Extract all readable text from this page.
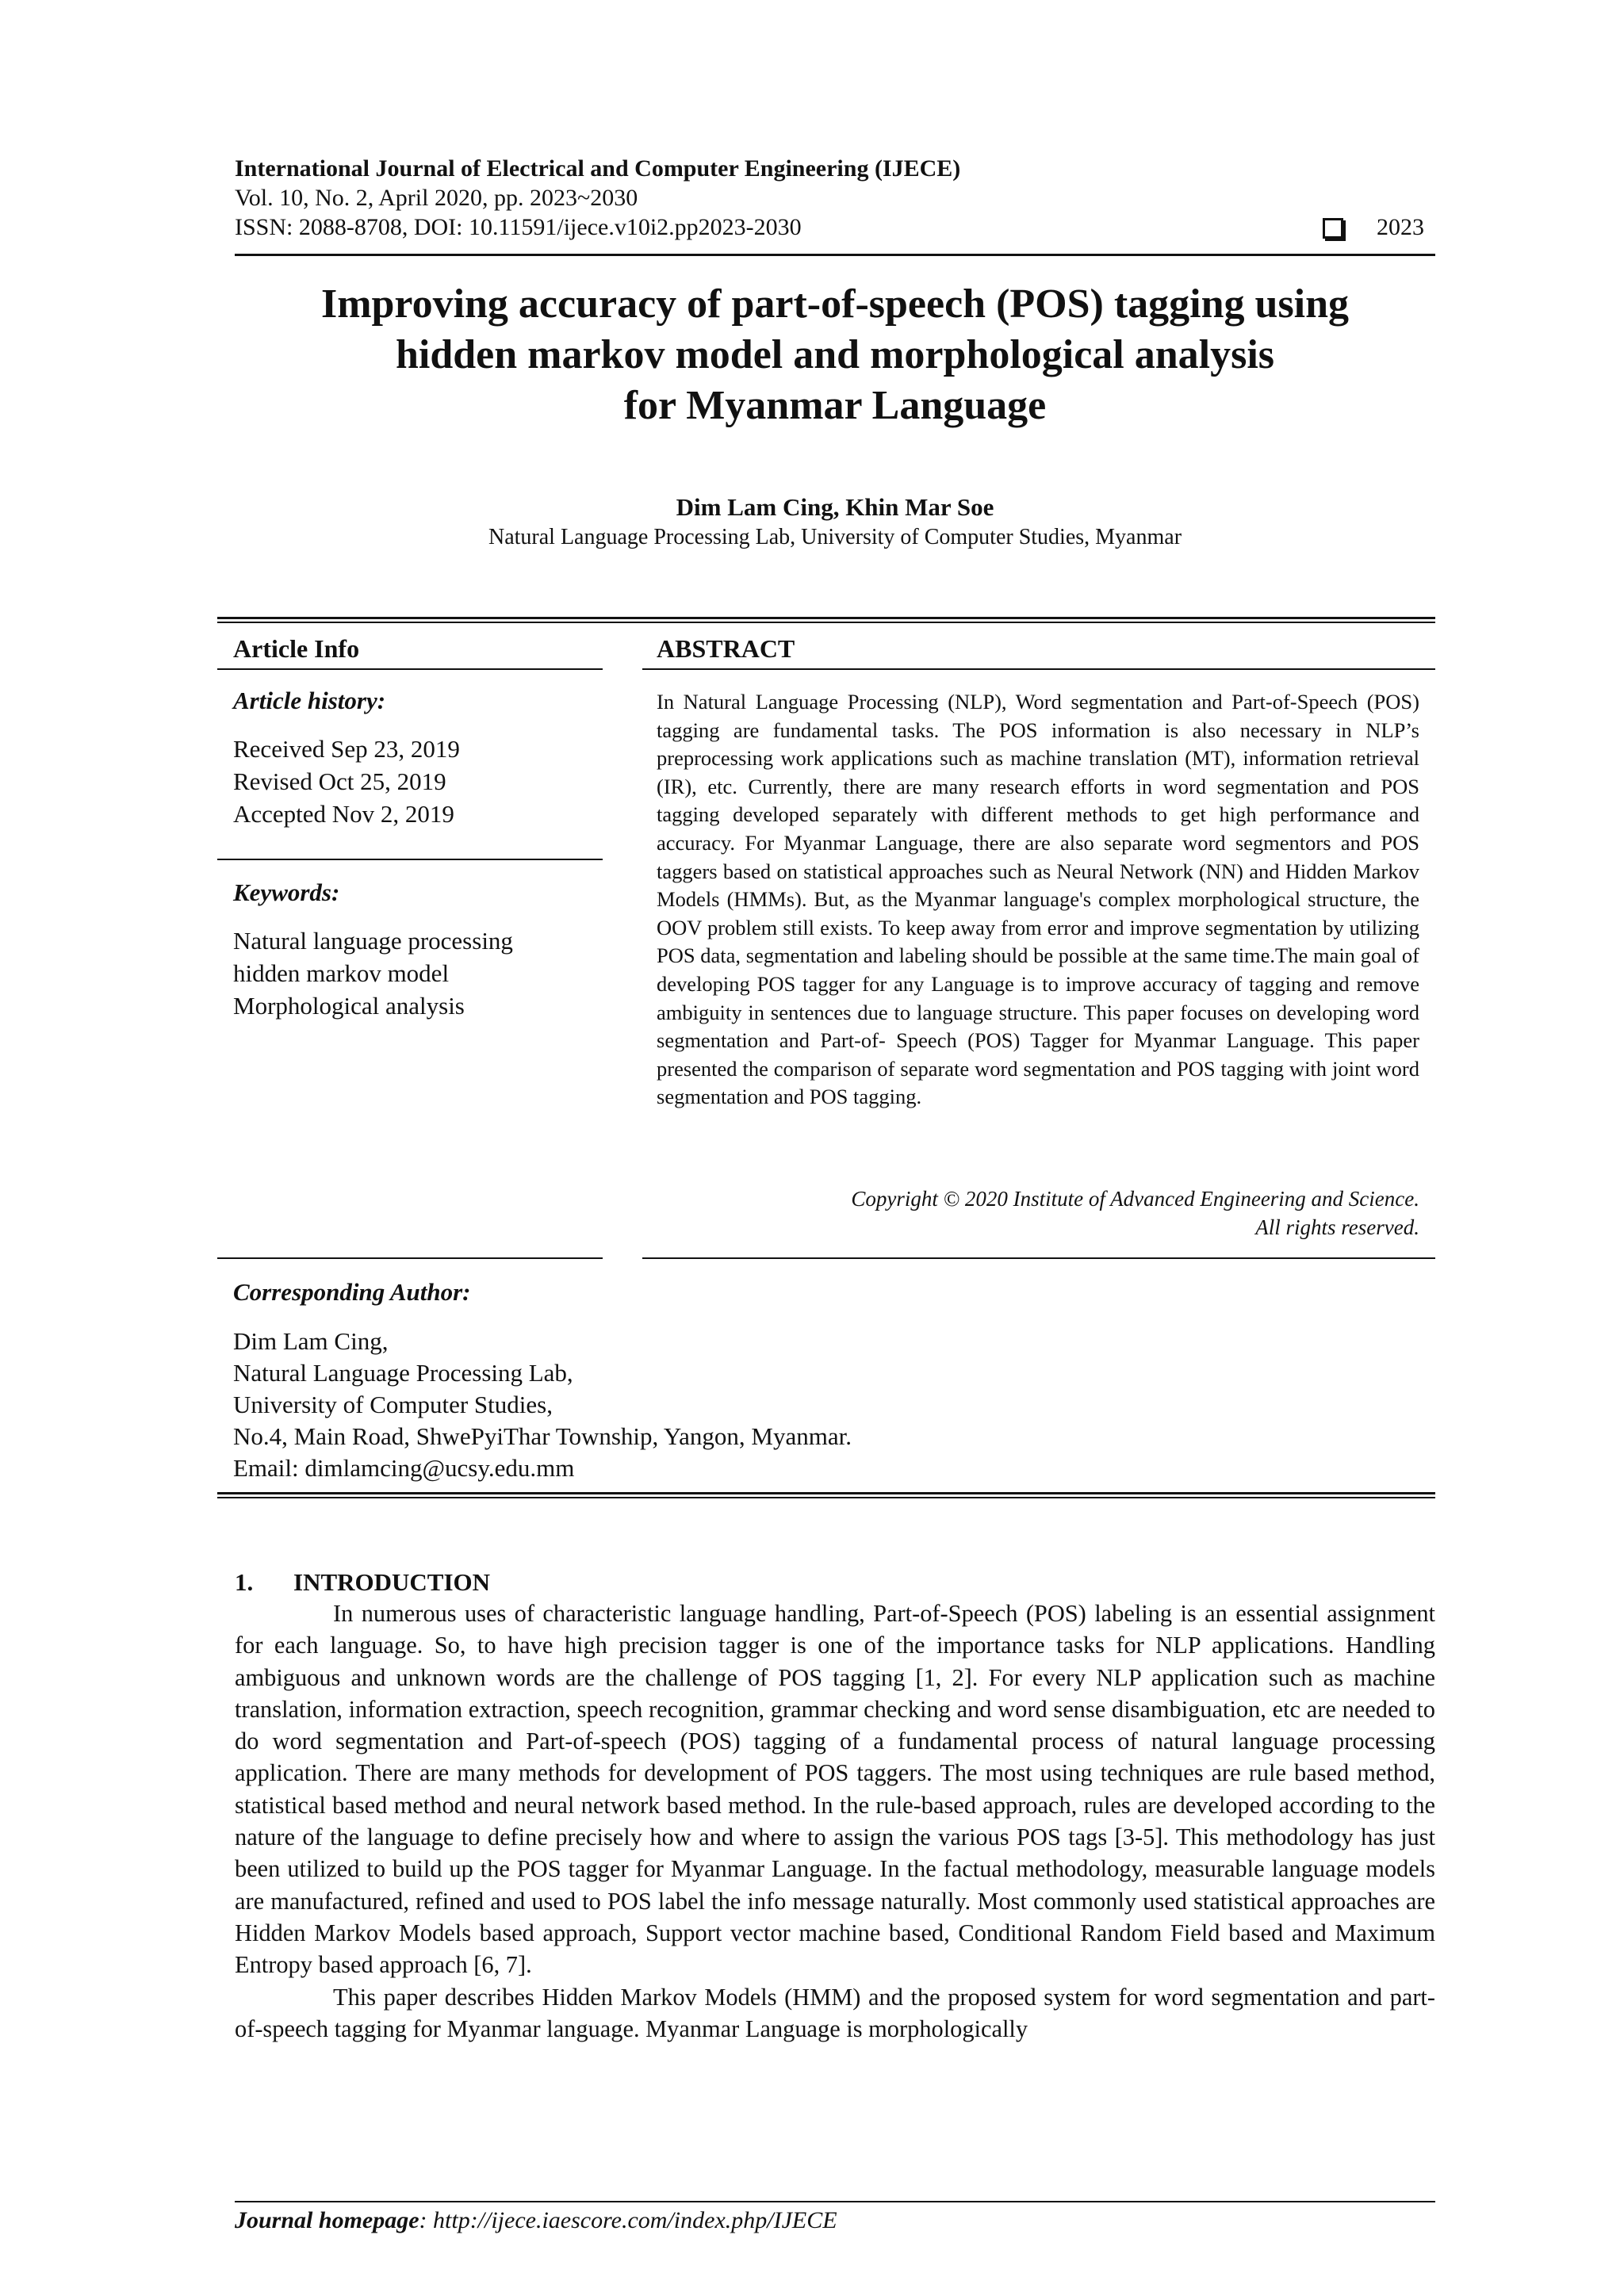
International Journal of Electrical and Computer Engineering (IJECE)
Vol. 10, No. 2, April 2020, pp. 2023~2030
ISSN: 2088-8708, DOI: 10.11591/ijece.v10i2.pp2023-2030	2023
Improving accuracy of part-of-speech (POS) tagging using
hidden markov model and morphological analysis
for Myanmar Language
Dim Lam Cing, Khin Mar Soe
Natural Language Processing Lab, University of Computer Studies, Myanmar
Article Info
Article history:
Received Sep 23, 2019
Revised Oct 25, 2019
Accepted Nov 2, 2019
Keywords:
Natural language processing
hidden markov model
Morphological analysis
ABSTRACT
In Natural Language Processing (NLP), Word segmentation and Part-of-Speech (POS) tagging are fundamental tasks. The POS information is also necessary in NLP’s preprocessing work applications such as machine translation (MT), information retrieval (IR), etc. Currently, there are many research efforts in word segmentation and POS tagging developed separately with different methods to get high performance and accuracy. For Myanmar Language, there are also separate word segmentors and POS taggers based on statistical approaches such as Neural Network (NN) and Hidden Markov Models (HMMs). But, as the Myanmar language's complex morphological structure, the OOV problem still exists. To keep away from error and improve segmentation by utilizing POS data, segmentation and labeling should be possible at the same time.The main goal of developing POS tagger for any Language is to improve accuracy of tagging and remove ambiguity in sentences due to language structure. This paper focuses on developing word segmentation and Part-of- Speech (POS) Tagger for Myanmar Language. This paper presented the comparison of separate word segmentation and POS tagging with joint word segmentation and POS tagging.
Copyright © 2020 Institute of Advanced Engineering and Science.
All rights reserved.
Corresponding Author:
Dim Lam Cing,
Natural Language Processing Lab,
University of Computer Studies,
No.4, Main Road, ShwePyiThar Township, Yangon, Myanmar.
Email: dimlamcing@ucsy.edu.mm
1. INTRODUCTION

In numerous uses of characteristic language handling, Part-of-Speech (POS) labeling is an essential assignment for each language. So, to have high precision tagger is one of the importance tasks for NLP applications. Handling ambiguous and unknown words are the challenge of POS tagging [1, 2]. For every NLP application such as machine translation, information extraction, speech recognition, grammar checking and word sense disambiguation, etc are needed to do word segmentation and Part-of-speech (POS) tagging of a fundamental process of natural language processing application. There are many methods for development of POS taggers. The most using techniques are rule based method, statistical based method and neural network based method. In the rule-based approach, rules are developed according to the nature of the language to define precisely how and where to assign the various POS tags [3-5]. This methodology has just been utilized to build up the POS tagger for Myanmar Language. In the factual methodology, measurable language models are manufactured, refined and used to POS label the info message naturally. Most commonly used statistical approaches are Hidden Markov Models based approach, Support vector machine based, Conditional Random Field based and Maximum Entropy based approach [6, 7].

This paper describes Hidden Markov Models (HMM) and the proposed system for word segmentation and part-of-speech tagging for Myanmar language. Myanmar Language is morphologically

Journal homepage: http://ijece.iaescore.com/index.php/IJECE
